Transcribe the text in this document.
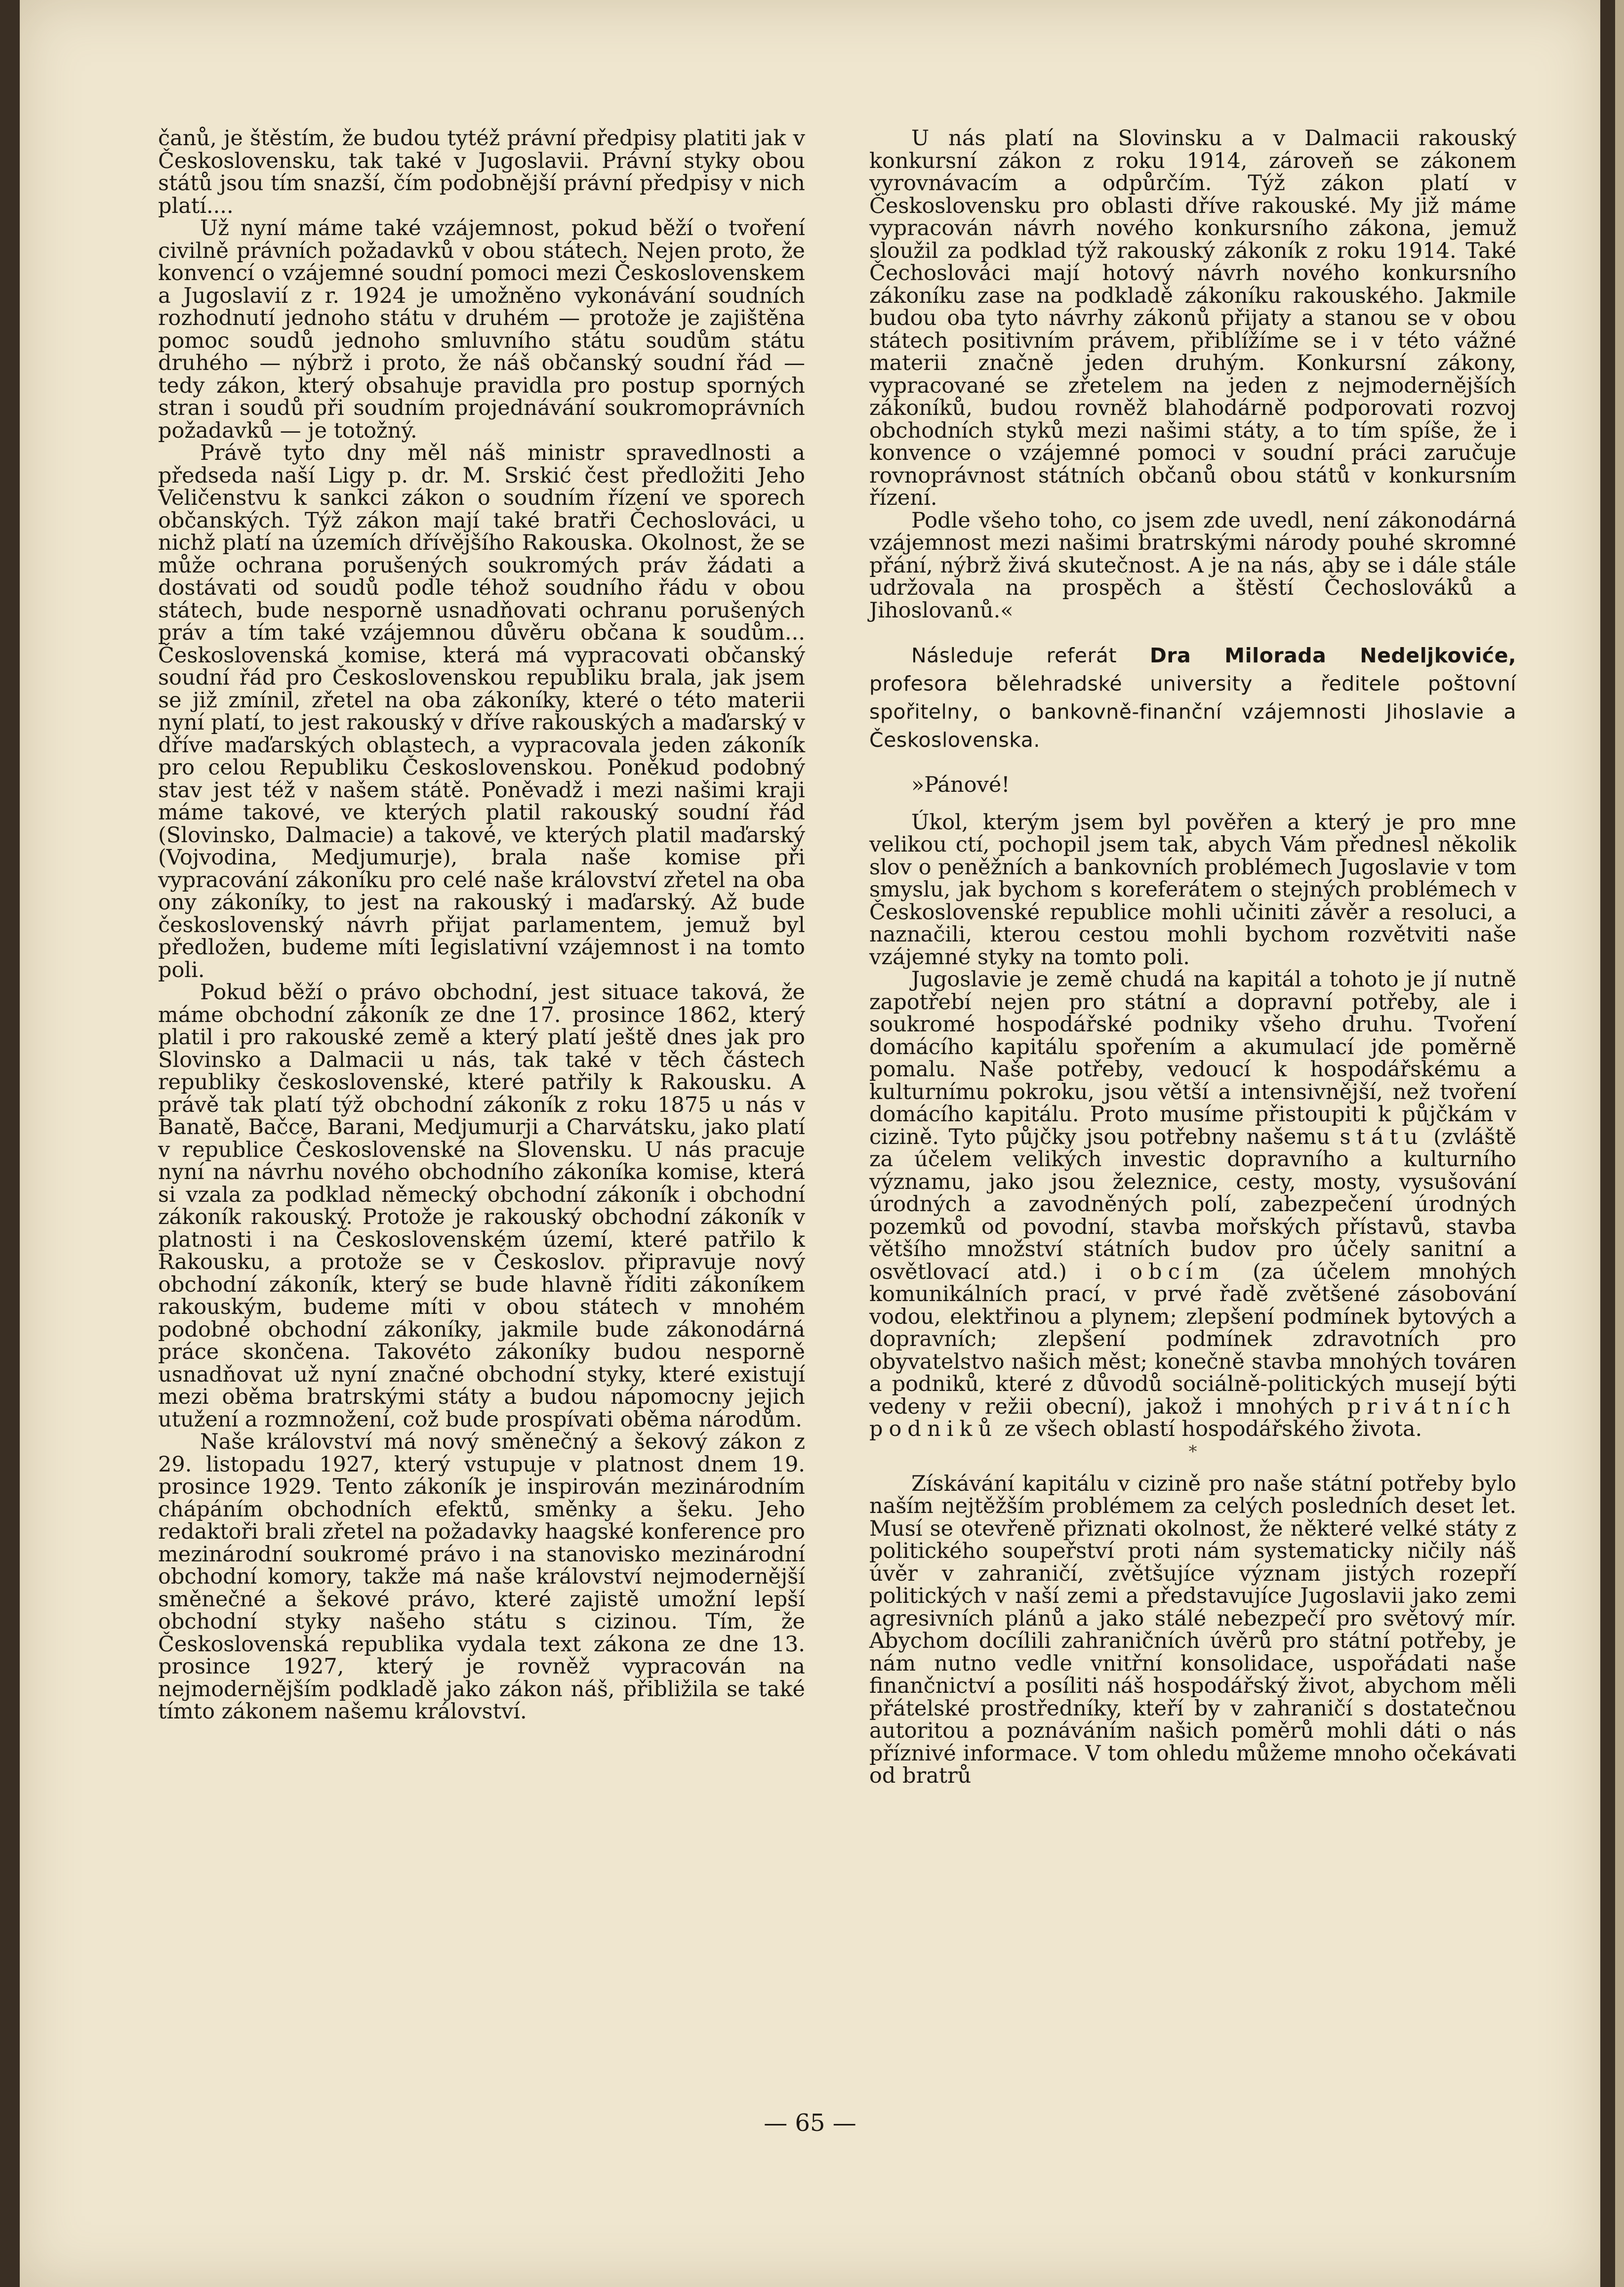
čanů, je štěstím, že budou tytéž právní předpisy platiti jak v Československu, tak také v Jugoslavii. Právní styky obou států jsou tím snazší, čím podobnější právní předpisy v nich platí....

Už nyní máme také vzájemnost, pokud běží o tvoření civilně právních požadavků v obou státech. Nejen proto, že konvencí o vzájemné soudní pomoci mezi Československem a Jugoslavií z r. 1924 je umožněno vykonávání soudních rozhodnutí jednoho státu v druhém — protože je zajištěna pomoc soudů jednoho smluvního státu soudům státu druhého — nýbrž i proto, že náš občanský soudní řád — tedy zákon, který obsahuje pravidla pro postup sporných stran i soudů při soudním projednávání soukromoprávních požadavků — je totožný.

Právě tyto dny měl náš ministr spravedlnosti a předseda naší Ligy p. dr. M. Srskić čest předložiti Jeho Veličenstvu k sankci zákon o soudním řízení ve sporech občanských. Týž zákon mají také bratři Čechoslováci, u nichž platí na územích dřívějšího Rakouska. Okolnost, že se může ochrana porušených soukromých práv žádati a dostávati od soudů podle téhož soudního řádu v obou státech, bude nesporně usnadňovati ochranu porušených práv a tím také vzájemnou důvěru občana k soudům... Československá komise, která má vypracovati občanský soudní řád pro Československou republiku brala, jak jsem se již zmínil, zřetel na oba zákoníky, které o této materii nyní platí, to jest rakouský v dříve rakouských a maďarský v dříve maďarských oblastech, a vypracovala jeden zákoník pro celou Republiku Československou. Poněkud podobný stav jest též v našem státě. Poněvadž i mezi našimi kraji máme takové, ve kterých platil rakouský soudní řád (Slovinsko, Dalmacie) a takové, ve kterých platil maďarský (Vojvodina, Medjumurje), brala naše komise při vypracování zákoníku pro celé naše království zřetel na oba ony zákoníky, to jest na rakouský i maďarský. Až bude československý návrh přijat parlamentem, jemuž byl předložen, budeme míti legislativní vzájemnost i na tomto poli.

Pokud běží o právo obchodní, jest situace taková, že máme obchodní zákoník ze dne 17. prosince 1862, který platil i pro rakouské země a který platí ještě dnes jak pro Slovinsko a Dalmacii u nás, tak také v těch částech republiky československé, které patřily k Rakousku. A právě tak platí týž obchodní zákoník z roku 1875 u nás v Banatě, Bačce, Barani, Medjumurji a Charvátsku, jako platí v republice Československé na Slovensku. U nás pracuje nyní na návrhu nového obchodního zákoníka komise, která si vzala za podklad německý obchodní zákoník i obchodní zákoník rakouský. Protože je rakouský obchodní zákoník v platnosti i na Československém území, které patřilo k Rakousku, a protože se v Českoslov. připravuje nový obchodní zákoník, který se bude hlavně říditi zákoníkem rakouským, budeme míti v obou státech v mnohém podobné obchodní zákoníky, jakmile bude zákonodárná práce skončena. Takovéto zákoníky budou nesporně usnadňovat už nyní značné obchodní styky, které existují mezi oběma bratrskými státy a budou nápomocny jejich utužení a rozmnožení, což bude prospívati oběma národům.

Naše království má nový směnečný a šekový zákon z 29. listopadu 1927, který vstupuje v platnost dnem 19. prosince 1929. Tento zákoník je inspirován mezinárodním chápáním obchodních efektů, směnky a šeku. Jeho redaktoři brali zřetel na požadavky haagské konference pro mezinárodní soukromé právo i na stanovisko mezinárodní obchodní komory, takže má naše království nejmodernější směnečné a šekové právo, které zajistě umožní lepší obchodní styky našeho státu s cizinou. Tím, že Československá republika vydala text zákona ze dne 13. prosince 1927, který je rovněž vypracován na nejmodernějším podkladě jako zákon náš, přibližila se také tímto zákonem našemu království.

U nás platí na Slovinsku a v Dalmacii rakouský konkursní zákon z roku 1914, zároveň se zákonem vyrovnávacím a odpůrčím. Týž zákon platí v Československu pro oblasti dříve rakouské. My již máme vypracován návrh nového konkursního zákona, jemuž sloužil za podklad týž rakouský zákoník z roku 1914. Také Čechoslováci mají hotový návrh nového konkursního zákoníku zase na podkladě zákoníku rakouského. Jakmile budou oba tyto návrhy zákonů přijaty a stanou se v obou státech positivním právem, přiblížíme se i v této vážné materii značně jeden druhým. Konkursní zákony, vypracované se zřetelem na jeden z nejmodernějších zákoníků, budou rovněž blahodárně podporovati rozvoj obchodních styků mezi našimi státy, a to tím spíše, že i konvence o vzájemné pomoci v soudní práci zaručuje rovnoprávnost státních občanů obou států v konkursním řízení.

Podle všeho toho, co jsem zde uvedl, není zákonodárná vzájemnost mezi našimi bratrskými národy pouhé skromné přání, nýbrž živá skutečnost. A je na nás, aby se i dále stále udržovala na prospěch a štěstí Čechoslováků a Jihoslovanů.«

Následuje referát Dra Milorada Nedeljkoviće, profesora bělehradské university a ředitele poštovní spořitelny, o bankovně-finanční vzájemnosti Jihoslavie a Československa.

»Pánové!

Úkol, kterým jsem byl pověřen a který je pro mne velikou ctí, pochopil jsem tak, abych Vám přednesl několik slov o peněžních a bankovních problémech Jugoslavie v tom smyslu, jak bychom s koreferátem o stejných problémech v Československé republice mohli učiniti závěr a resoluci, a naznačili, kterou cestou mohli bychom rozvětviti naše vzájemné styky na tomto poli.

Jugoslavie je země chudá na kapitál a tohoto je jí nutně zapotřebí nejen pro státní a dopravní potřeby, ale i soukromé hospodářské podniky všeho druhu. Tvoření domácího kapitálu spořením a akumulací jde poměrně pomalu. Naše potřeby, vedoucí k hospodářskému a kulturnímu pokroku, jsou větší a intensivnější, než tvoření domácího kapitálu. Proto musíme přistoupiti k půjčkám v cizině. Tyto půjčky jsou potřebny našemu státu (zvláště za účelem velikých investic dopravního a kulturního významu, jako jsou železnice, cesty, mosty, vysušování úrodných a zavodněných polí, zabezpečení úrodných pozemků od povodní, stavba mořských přístavů, stavba většího množství státních budov pro účely sanitní a osvětlovací atd.) i obcím (za účelem mnohých komunikálních prací, v prvé řadě zvětšené zásobování vodou, elektřinou a plynem; zlepšení podmínek bytových a dopravních; zlepšení podmínek zdravotních pro obyvatelstvo našich měst; konečně stavba mnohých továren a podniků, které z důvodů sociálně-politických musejí býti vedeny v režii obecní), jakož i mnohých privátních podniků ze všech oblastí hospodářského života.

*

Získávání kapitálu v cizině pro naše státní potřeby bylo naším nejtěžším problémem za celých posledních deset let. Musí se otevřeně přiznati okolnost, že některé velké státy z politického soupeřství proti nám systematicky ničily náš úvěr v zahraničí, zvětšujíce význam jistých rozepří politických v naší zemi a představujíce Jugoslavii jako zemi agresivních plánů a jako stálé nebezpečí pro světový mír. Abychom docílili zahraničních úvěrů pro státní potřeby, je nám nutno vedle vnitřní konsolidace, uspořádati naše finančnictví a posíliti náš hospodářský život, abychom měli přátelské prostředníky, kteří by v zahraničí s dostatečnou autoritou a poznáváním našich poměrů mohli dáti o nás příznivé informace. V tom ohledu můžeme mnoho očekávati od bratrů

— 65 —
